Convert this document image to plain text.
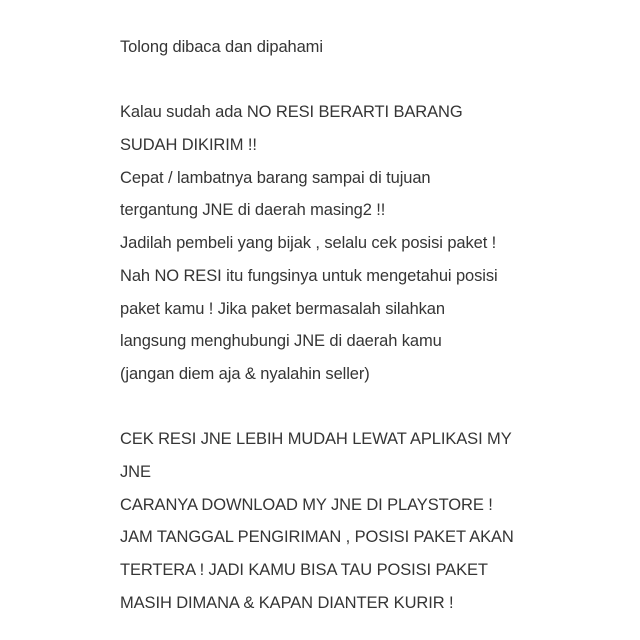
Tolong dibaca dan dipahami
Kalau sudah ada NO RESI BERARTI BARANG
SUDAH DIKIRIM !!
Cepat / lambatnya barang sampai di tujuan
tergantung JNE di daerah masing2 !!
Jadilah pembeli yang bijak , selalu cek posisi paket !
Nah NO RESI itu fungsinya untuk mengetahui posisi
paket kamu ! Jika paket bermasalah silahkan
langsung menghubungi JNE di daerah kamu
(jangan diem aja & nyalahin seller)
CEK RESI JNE LEBIH MUDAH LEWAT APLIKASI MY
JNE
CARANYA DOWNLOAD MY JNE DI PLAYSTORE !
JAM TANGGAL PENGIRIMAN , POSISI PAKET AKAN
TERTERA ! JADI KAMU BISA TAU POSISI PAKET
MASIH DIMANA & KAPAN DIANTER KURIR !
